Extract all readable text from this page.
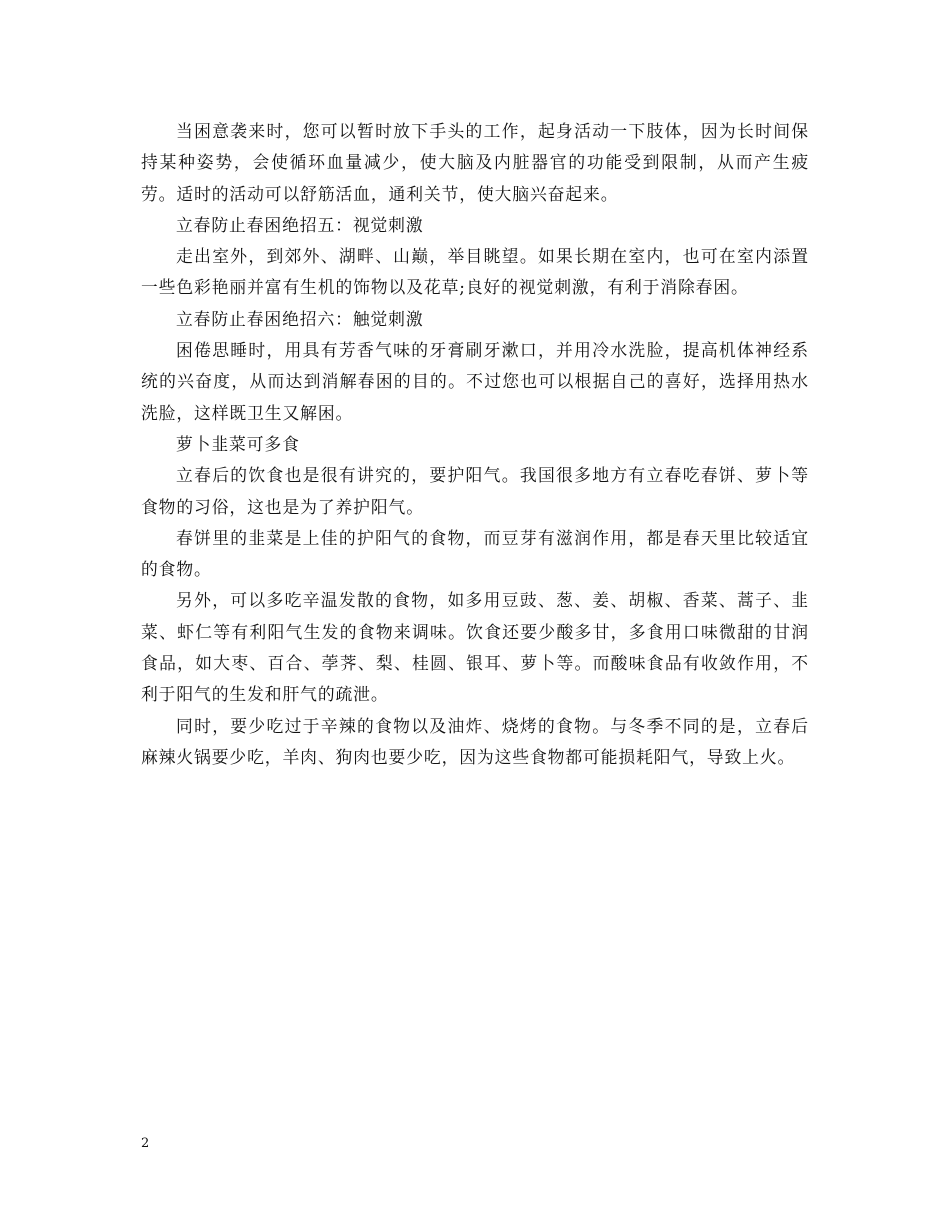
当困意袭来时，您可以暂时放下手头的工作，起身活动一下肢体，因为长时间保持某种姿势，会使循环血量减少，使大脑及内脏器官的功能受到限制，从而产生疲劳。适时的活动可以舒筋活血，通利关节，使大脑兴奋起来。

立春防止春困绝招五：视觉刺激

走出室外，到郊外、湖畔、山巅，举目眺望。如果长期在室内，也可在室内添置一些色彩艳丽并富有生机的饰物以及花草;良好的视觉刺激，有利于消除春困。

立春防止春困绝招六：触觉刺激

困倦思睡时，用具有芳香气味的牙膏刷牙漱口，并用冷水洗脸，提高机体神经系统的兴奋度，从而达到消解春困的目的。不过您也可以根据自己的喜好，选择用热水洗脸，这样既卫生又解困。

萝卜韭菜可多食

立春后的饮食也是很有讲究的，要护阳气。我国很多地方有立春吃春饼、萝卜等食物的习俗，这也是为了养护阳气。

春饼里的韭菜是上佳的护阳气的食物，而豆芽有滋润作用，都是春天里比较适宜的食物。

另外，可以多吃辛温发散的食物，如多用豆豉、葱、姜、胡椒、香菜、蒿子、韭菜、虾仁等有利阳气生发的食物来调味。饮食还要少酸多甘，多食用口味微甜的甘润食品，如大枣、百合、荸荠、梨、桂圆、银耳、萝卜等。而酸味食品有收敛作用，不利于阳气的生发和肝气的疏泄。

同时，要少吃过于辛辣的食物以及油炸、烧烤的食物。与冬季不同的是，立春后麻辣火锅要少吃，羊肉、狗肉也要少吃，因为这些食物都可能损耗阳气，导致上火。

2
